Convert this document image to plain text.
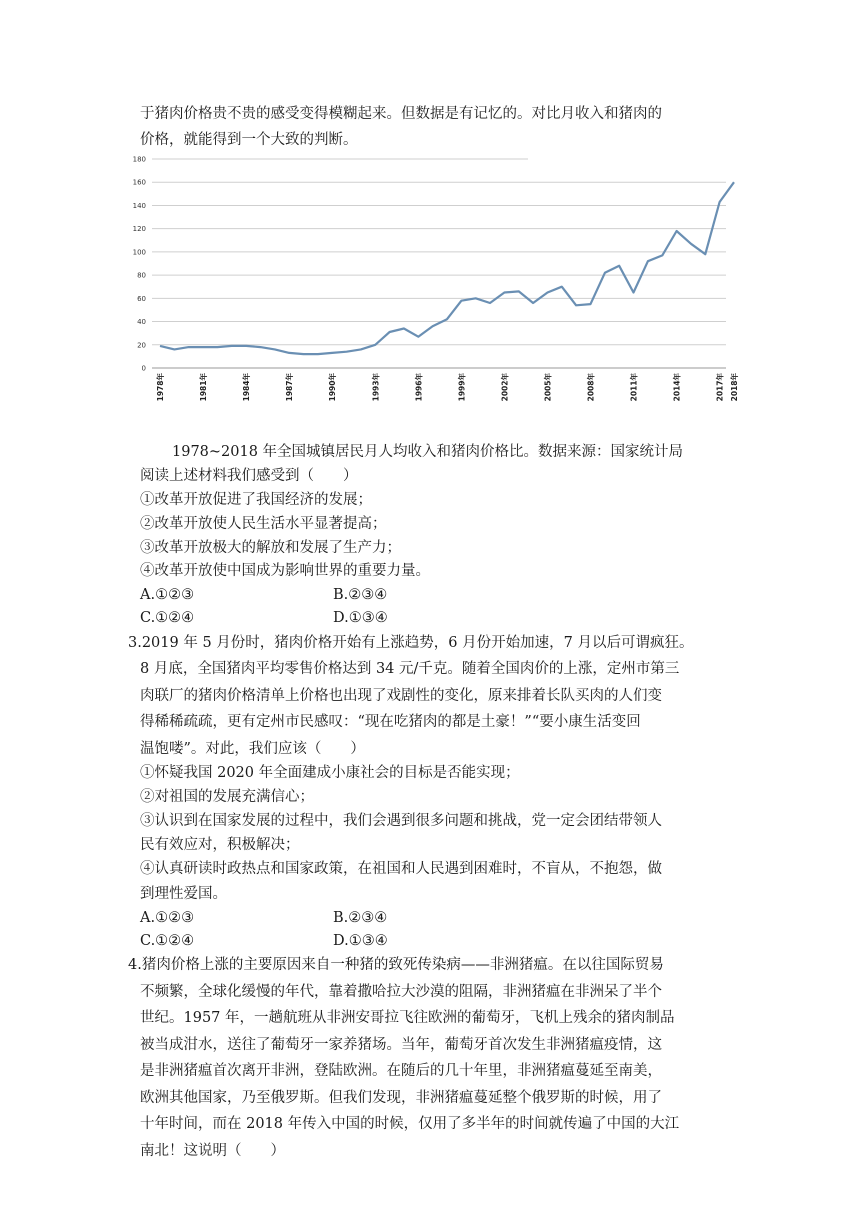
于猪肉价格贵不贵的感受变得模糊起来。但数据是有记忆的。对比月收入和猪肉的
价格，就能得到一个大致的判断。
0
20
40
60
80
100
120
140
160
180
1978年	1981年	1984年	1987年	1990年	1993年	1996年	1999年	2002年	2005年	2008年	2011年	2014年	2017年 2018年
1978~2018 年全国城镇居民月人均收入和猪肉价格比。数据来源：国家统计局
阅读上述材料我们感受到（　　）
①改革开放促进了我国经济的发展；
②改革开放使人民生活水平显著提高；
③改革开放极大的解放和发展了生产力；
④改革开放使中国成为影响世界的重要力量。
A.①②③	B.②③④
C.①②④	D.①③④
3.2019 年 5 月份时，猪肉价格开始有上涨趋势，6 月份开始加速，7 月以后可谓疯狂。
8 月底，全国猪肉平均零售价格达到 34 元/千克。随着全国肉价的上涨，定州市第三
肉联厂的猪肉价格清单上价格也出现了戏剧性的变化，原来排着长队买肉的人们变
得稀稀疏疏，更有定州市民感叹：“现在吃猪肉的都是土豪！”“要小康生活变回
温饱喽”。对此，我们应该（　　）
①怀疑我国 2020 年全面建成小康社会的目标是否能实现；
②对祖国的发展充满信心；
③认识到在国家发展的过程中，我们会遇到很多问题和挑战，党一定会团结带领人
民有效应对，积极解决；
④认真研读时政热点和国家政策，在祖国和人民遇到困难时，不盲从，不抱怨，做
到理性爱国。
A.①②③	B.②③④
C.①②④	D.①③④
4.猪肉价格上涨的主要原因来自一种猪的致死传染病——非洲猪瘟。在以往国际贸易
不频繁，全球化缓慢的年代，靠着撒哈拉大沙漠的阻隔，非洲猪瘟在非洲呆了半个
世纪。1957 年，一趟航班从非洲安哥拉飞往欧洲的葡萄牙，飞机上残余的猪肉制品
被当成泔水，送往了葡萄牙一家养猪场。当年，葡萄牙首次发生非洲猪瘟疫情，这
是非洲猪瘟首次离开非洲，登陆欧洲。在随后的几十年里，非洲猪瘟蔓延至南美，
欧洲其他国家，乃至俄罗斯。但我们发现，非洲猪瘟蔓延整个俄罗斯的时候，用了
十年时间，而在 2018 年传入中国的时候，仅用了多半年的时间就传遍了中国的大江
南北！这说明（　　）
